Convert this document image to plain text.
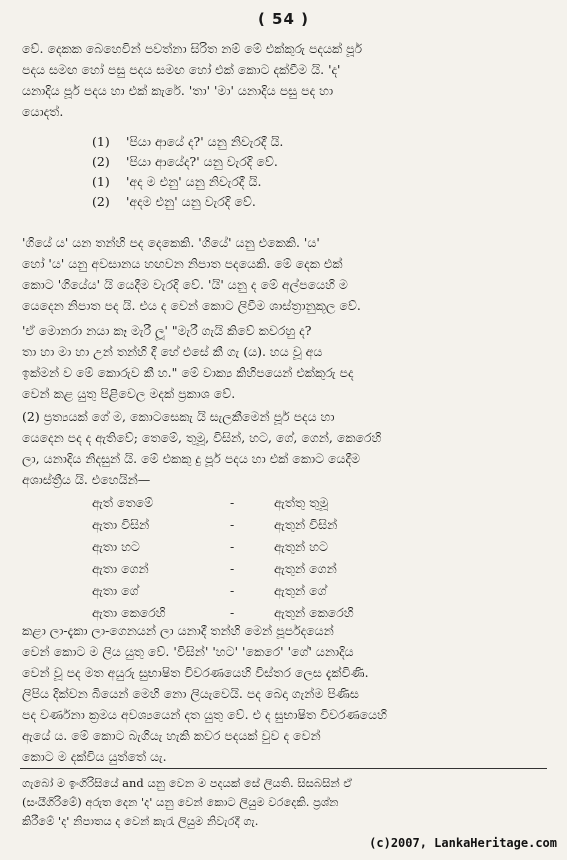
( 54 )
වේ. දෙකක බෙහෙවින් පවත්නා සිරිත නම් මේ එක්කුරු පදයක් පූර්
පදය සමඟ හෝ පසු පදය සමඟ හෝ එක් කොට දක්වීම යි. 'ද'
යනාදිය පූර් පදය හා එක් කැරේ. 'තා' 'මා' යනාදිය පසු පද හා
යොදත්.
(1)	'පියා ආයේ ද?' යනු නිවැරදී යි.
(2)	'පියා ආයේද?' යනු වැරදි වේ.
(1)	'අද ම එනු' යනු නිවැරදී යි.
(2)	'අදම එනු' යනු වැරදි වේ.
'ගියේ ය' යන තන්හි පද දෙකෙකි. 'ගියේ' යනු එකෙකි. 'ය'
හෝ 'ය' යනු අවසානය හඟවන නිපාත පදයෙකි. මේ දෙක එක්
කොට 'ගියේය' යි යෙදීම වැරදි වේ. 'යි' යනු ද මේ අල්පයෙහි ම
යෙදෙන නිපාත පද යි. එය ද වෙන් කොට ලිවීම ශාස්ත්‍රානුකූල වේ.
'ඒ මොනරා නයා කෑ මැරී ලූ' "මැරී ගැයි කිවේ කවරහු ද?
තා හා මා හා උන් තන්හි දී හේ එසේ කී ගැ (ය). හය වූ අය
ඉක්මන් ව මේ කොරුව කී හ." මේ වාක්‍ය කිහිපයෙන් එක්කුරු පද
වෙන් කළ යුතු පිළිවෙල මදක් ප්‍රකාශ වේ.
(2) ප්‍රත්‍යයක් ගේ ම, කොටසෙකැ යි සැලකීමෙන් පූර් පදය හා
යෙදෙන පද ද ඇතිවේ; තෙමේ, තුමූ, විසින්, හට, ගේ, ගෙන්, කෙරෙහි
ලා, යනාදිය නිදසුන් යි. මේ එකකු දු පූර් පදය හා එක් කොට යෙදීම
අශාස්ත්‍රීය යි. එහෙයින්—
ඇත් තෙමේ	-	ඇත්තු තුමූ
ඇතා විසින්	-	ඇතුන් විසින්
ඇතා හට	-	ඇතුන් හට
ඇතා ගෙන්	-	ඇතුන් ගෙන්
ඇතා ගේ	-	ඇතුන් ගේ
ඇතා කෙරෙහි	-	ඇතුන් කෙරෙහි
කළා ලා-දැකා ලා-ගෙනයන් ලා යනාදී තන්හි මෙන් පූර්පදයෙන්
වෙන් කොට ම ලිය යුතු වේ. 'විසින්' 'හට' 'කෙරෙ' 'ගේ' යනාදිය
වෙන් වූ පද මත අයුරු සුභාෂිත විවරණයෙහි විස්තර ලෙස දැක්විණි.
ලිපිය දික්වන බියෙන් මෙහි නො ලියැවෙයි. පද බෙදා ගැන්ම පිණිස
පද වර්ණනා ක්‍රමය අවශ්‍යයෙන් දත යුතු වේ. එ ද සුභාෂිත විවරණයෙහි
ඇයේ ය. මේ කොට බැගියැ හැකි කවර පදයක් වුව ද වෙන්
කොට ම දක්විය යුත්තේ යැ.
ගැබෝ ම ඉංගිරිසියේ and යනු වෙන ම පදයක් සේ ලියති. සිසබසින් ඒ
(සංයීගිරිමේ) අරුත දෙන 'ද' යනු වෙන් කොට ලියුම වරදෙකි. ප්‍රශ්න
කිරීමේ 'ද' නිපාතය ද වෙන් කැරැ ලියුම නිවැරදී ගැ.
(c)2007, LankaHeritage.com
